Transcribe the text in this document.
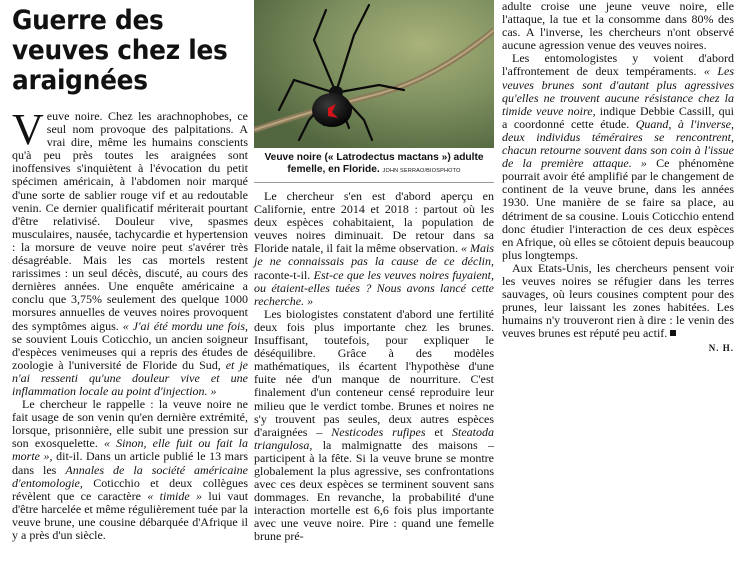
Guerre des veuves chez les araignées

Veuve noire. Chez les arachnophobes, ce seul nom provoque des palpitations. A vrai dire, même les humains conscients qu'à peu près toutes les araignées sont inoffensives s'inquiètent à l'évocation du petit spécimen américain, à l'abdomen noir marqué d'une sorte de sablier rouge vif et au redoutable venin. Ce dernier qualificatif mériterait pourtant d'être relativisé. Douleur vive, spasmes musculaires, nausée, tachycardie et hypertension : la morsure de veuve noire peut s'avérer très désagréable. Mais les cas mortels restent rarissimes : un seul décès, discuté, au cours des dernières années. Une enquête américaine a conclu que 3,75% seulement des quelque 1000 morsures annuelles de veuves noires provoquent des symptômes aigus. « J'ai été mordu une fois, se souvient Louis Coticchio, un ancien soigneur d'espèces venimeuses qui a repris des études de zoologie à l'université de Floride du Sud, et je n'ai ressenti qu'une douleur vive et une inflammation locale au point d'injection. »

Le chercheur le rappelle : la veuve noire ne fait usage de son venin qu'en dernière extrémité, lorsque, prisonnière, elle subit une pression sur son exosquelette. « Sinon, elle fuit ou fait la morte », dit-il. Dans un article publié le 13 mars dans les Annales de la société américaine d'entomologie, Coticchio et deux collègues révèlent que ce caractère « timide » lui vaut d'être harcelée et même régulièrement tuée par la veuve brune, une cousine débarquée d'Afrique il y a près d'un siècle.

Veuve noire (« Latrodectus mactans ») adulte femelle, en Floride. JOHN SERRAO/BIOSPHOTO

Le chercheur s'en est d'abord aperçu en Californie, entre 2014 et 2018 : partout où les deux espèces cohabitaient, la population de veuves noires diminuait. De retour dans sa Floride natale, il fait la même observation. « Mais je ne connaissais pas la cause de ce déclin, raconte-t-il. Est-ce que les veuves noires fuyaient, ou étaient-elles tuées ? Nous avons lancé cette recherche. »

Les biologistes constatent d'abord une fertilité deux fois plus importante chez les brunes. Insuffisant, toutefois, pour expliquer le déséquilibre. Grâce à des modèles mathématiques, ils écartent l'hypothèse d'une fuite née d'un manque de nourriture. C'est finalement d'un conteneur censé reproduire leur milieu que le verdict tombe. Brunes et noires ne s'y trouvent pas seules, deux autres espèces d'araignées – Nesticodes rufipes et Steatoda triangulosa, la malmignatte des maisons – participent à la fête. Si la veuve brune se montre globalement la plus agressive, ses confrontations avec ces deux espèces se terminent souvent sans dommages. En revanche, la probabilité d'une interaction mortelle est 6,6 fois plus importante avec une veuve noire. Pire : quand une femelle brune pré-

adulte croise une jeune veuve noire, elle l'attaque, la tue et la consomme dans 80% des cas. A l'inverse, les chercheurs n'ont observé aucune agression venue des veuves noires.

Les entomologistes y voient d'abord l'affrontement de deux tempéraments. « Les veuves brunes sont d'autant plus agressives qu'elles ne trouvent aucune résistance chez la timide veuve noire, indique Debbie Cassill, qui a coordonné cette étude. Quand, à l'inverse, deux individus téméraires se rencontrent, chacun retourne souvent dans son coin à l'issue de la première attaque. » Ce phénomène pourrait avoir été amplifié par le changement de continent de la veuve brune, dans les années 1930. Une manière de se faire sa place, au détriment de sa cousine. Louis Coticchio entend donc étudier l'interaction de ces deux espèces en Afrique, où elles se côtoient depuis beaucoup plus longtemps.

Aux Etats-Unis, les chercheurs pensent voir les veuves noires se réfugier dans les terres sauvages, où leurs cousines comptent pour des prunes, leur laissant les zones habitées. Les humains n'y trouveront rien à dire : le venin des veuves brunes est réputé peu actif.

N. H.
